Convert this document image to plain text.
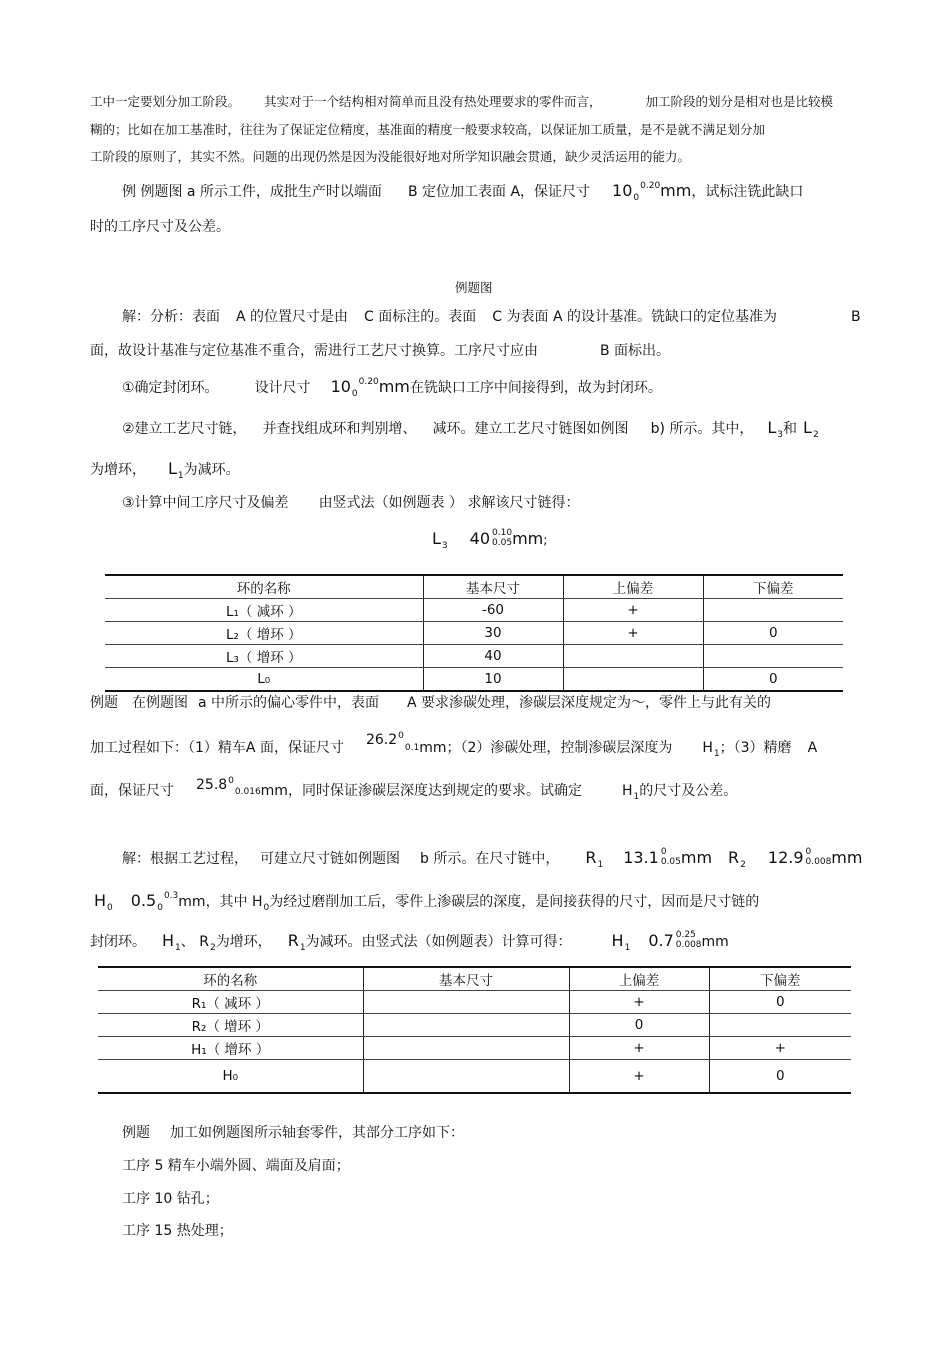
工中一定要划分加工阶段。 其实对于一个结构相对简单而且没有热处理要求的零件而言，	加工阶段的划分是相对也是比较模
糊的；比如在加工基准时，往往为了保证定位精度，基准面的精度一般要求较高，以保证加工质量，是不是就不满足划分加
工阶段的原则了，其实不然。问题的出现仍然是因为没能很好地对所学知识融会贯通，缺少灵活运用的能力。
例 例题图 a 所示工件，成批生产时以端面 B 定位加工表面 A，保证尺寸 $10_0^{0.20}mm$，试标注铣此缺口
时的工序尺寸及公差。
例题图
解：分析：表面 A 的位置尺寸是由 C 面标注的。表面 C 为表面 A 的设计基准。铣缺口的定位基准为	B
面，故设计基准与定位基准不重合，需进行工艺尺寸换算。工序尺寸应由	B 面标出。
①确定封闭环。	设计尺寸 $10_0^{0.20}mm$在铣缺口工序中间接得到，故为封闭环。
②建立工艺尺寸链， 并查找组成环和判别增、 减环。建立工艺尺寸链图如例图 b) 所示。其中， $L_3$和 $L_2$
为增环， $L_1$为减环。
③计算中间工序尺寸及偏差 由竖式法（如例题表 ） 求解该尺寸链得：
$L_3$ 40 0.10
0.05 mm;
环的名称	基本尺寸	上偏差	下偏差
L₁（ 减环 ）	-60	+	
L₂（ 增环 ）	30	+	0
L₃（ 增环 ）	40		
L₀	10		0
例题 在例题图 a 中所示的偏心零件中，表面 A 要求渗碳处理，渗碳层深度规定为～，零件上与此有关的
加工过程如下：（1）精车A 面，保证尺寸 26.2$^0$0.1mm；（2）渗碳处理，控制渗碳层深度为 $H_1$；（3）精磨 A
面，保证尺寸 25.8$^0$0.016mm，同时保证渗碳层深度达到规定的要求。试确定	$H_1$的尺寸及公差。
解：根据工艺过程， 可建立尺寸链如例题图 b 所示。在尺寸链中， $R_1$ 13.1 0
0.05 mm $R_2$ 12.9 0
0.008 mm
$H_0$ $0.5_0^{0.3}mm$，其中 $H_0$为经过磨削加工后，零件上渗碳层的深度，是间接获得的尺寸，因而是尺寸链的
封闭环。 $H_1$、 $R_2$为增环， $R_1$为减环。由竖式法（如例题表）计算可得：	$H_1$ 0.7 0.25
0.008 mm
环的名称	基本尺寸	上偏差	下偏差
R₁（ 减环 ）		+	0
R₂（ 增环 ）		0	
H₁（ 增环 ）		+	+
H₀		+	0
例题 加工如例题图所示轴套零件，其部分工序如下：
工序 5 精车小端外圆、端面及肩面；
工序 10 钻孔；
工序 15 热处理；
